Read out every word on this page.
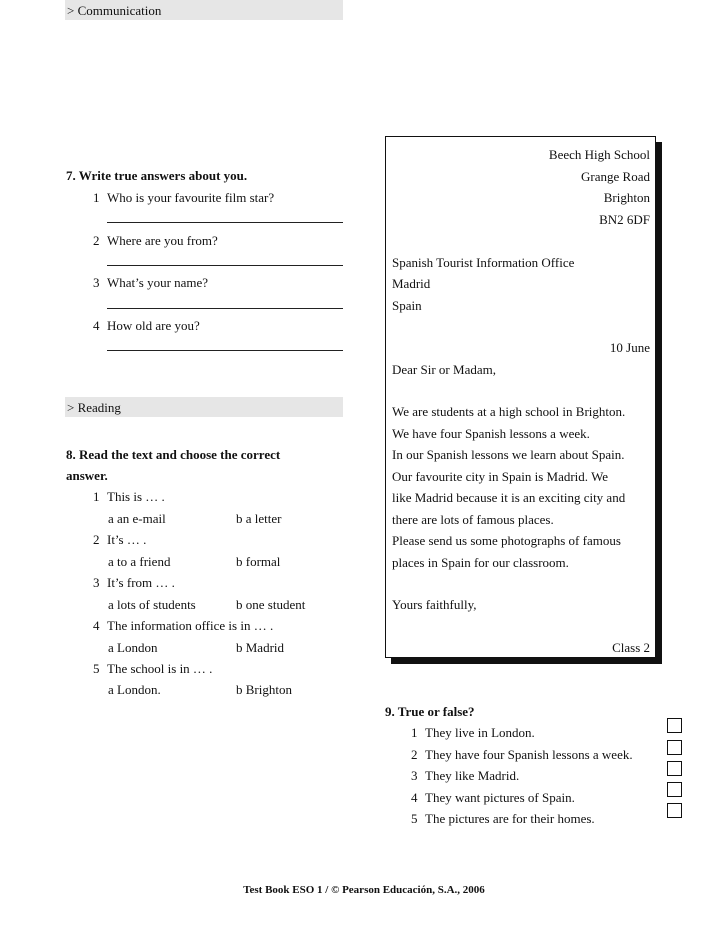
> Communication
7. Write true answers about you.
1 Who is your favourite film star?
2 Where are you from?
3 What’s your name?
4 How old are you?
> Reading
8. Read the text and choose the correct
answer.
1 This is … .
a an e-mail	b a letter
2 It’s … .
a to a friend	b formal
3 It’s from … .
a lots of students	b one student
4 The information office is in … .
a London	b Madrid
5 The school is in … .
a London.	b Brighton
Beech High School
Grange Road
Brighton
BN2 6DF
Spanish Tourist Information Office
Madrid
Spain
10 June
Dear Sir or Madam,
We are students at a high school in Brighton.
We have four Spanish lessons a week.
In our Spanish lessons we learn about Spain.
Our favourite city in Spain is Madrid. We
like Madrid because it is an exciting city and
there are lots of famous places.
Please send us some photographs of famous
places in Spain for our classroom.
Yours faithfully,
Class 2
9. True or false?
1 They live in London.
2 They have four Spanish lessons a week.
3 They like Madrid.
4 They want pictures of Spain.
5 The pictures are for their homes.
Test Book ESO 1 / © Pearson Educación, S.A., 2006
